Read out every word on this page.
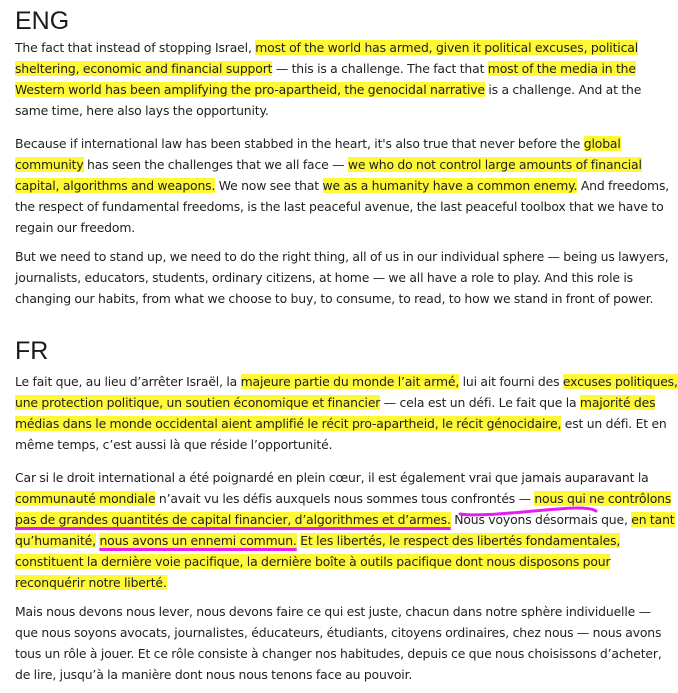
ENG

The fact that instead of stopping Israel, most of the world has armed, given it political excuses, political
sheltering, economic and financial support — this is a challenge. The fact that most of the media in the
Western world has been amplifying the pro-apartheid, the genocidal narrative is a challenge. And at the
same time, here also lays the opportunity.

Because if international law has been stabbed in the heart, it's also true that never before the global
community has seen the challenges that we all face — we who do not control large amounts of financial
capital, algorithms and weapons. We now see that we as a humanity have a common enemy. And freedoms,
the respect of fundamental freedoms, is the last peaceful avenue, the last peaceful toolbox that we have to
regain our freedom.

But we need to stand up, we need to do the right thing, all of us in our individual sphere — being us lawyers,
journalists, educators, students, ordinary citizens, at home — we all have a role to play. And this role is
changing our habits, from what we choose to buy, to consume, to read, to how we stand in front of power.

FR

Le fait que, au lieu d’arrêter Israël, la majeure partie du monde l’ait armé, lui ait fourni des excuses politiques,
une protection politique, un soutien économique et financier — cela est un défi. Le fait que la majorité des
médias dans le monde occidental aient amplifié le récit pro-apartheid, le récit génocidaire, est un défi. Et en
même temps, c’est aussi là que réside l’opportunité.

Car si le droit international a été poignardé en plein cœur, il est également vrai que jamais auparavant la
communauté mondiale n’avait vu les défis auxquels nous sommes tous confrontés — nous qui ne contrôlons
pas de grandes quantités de capital financier, d’algorithmes et d’armes. Nous voyons désormais que, en tant
qu’humanité, nous avons un ennemi commun. Et les libertés, le respect des libertés fondamentales,
constituent la dernière voie pacifique, la dernière boîte à outils pacifique dont nous disposons pour
reconquérir notre liberté.

Mais nous devons nous lever, nous devons faire ce qui est juste, chacun dans notre sphère individuelle —
que nous soyons avocats, journalistes, éducateurs, étudiants, citoyens ordinaires, chez nous — nous avons
tous un rôle à jouer. Et ce rôle consiste à changer nos habitudes, depuis ce que nous choisissons d’acheter,
de lire, jusqu’à la manière dont nous nous tenons face au pouvoir.
